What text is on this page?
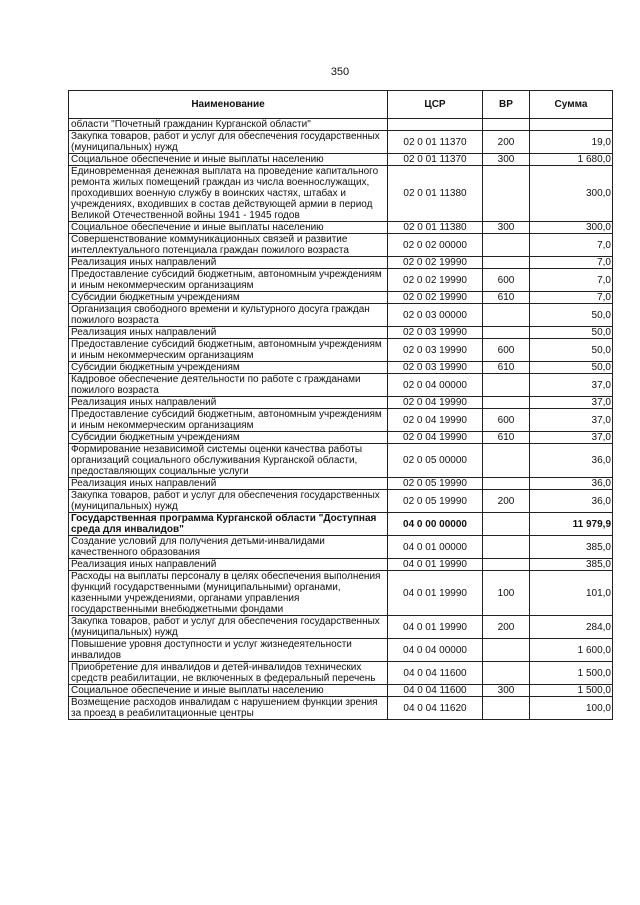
350
Наименование	ЦСР	ВР	Сумма
области "Почетный гражданин Курганской области"			
Закупка товаров, работ и услуг для обеспечения государственных (муниципальных) нужд	02 0 01 11370	200	19,0
Социальное обеспечение и иные выплаты населению	02 0 01 11370	300	1 680,0
Единовременная денежная выплата на проведение капитального ремонта жилых помещений граждан из числа военнослужащих, проходивших военную службу в воинских частях, штабах и учреждениях, входивших в состав действующей армии в период Великой Отечественной войны 1941 - 1945 годов	02 0 01 11380		300,0
Социальное обеспечение и иные выплаты населению	02 0 01 11380	300	300,0
Совершенствование коммуникационных связей и развитие интеллектуального потенциала граждан пожилого возраста	02 0 02 00000		7,0
Реализация иных направлений	02 0 02 19990		7,0
Предоставление субсидий бюджетным, автономным учреждениям и иным некоммерческим организациям	02 0 02 19990	600	7,0
Субсидии бюджетным учреждениям	02 0 02 19990	610	7,0
Организация свободного времени и культурного досуга граждан пожилого возраста	02 0 03 00000		50,0
Реализация иных направлений	02 0 03 19990		50,0
Предоставление субсидий бюджетным, автономным учреждениям и иным некоммерческим организациям	02 0 03 19990	600	50,0
Субсидии бюджетным учреждениям	02 0 03 19990	610	50,0
Кадровое обеспечение деятельности по работе с гражданами пожилого возраста	02 0 04 00000		37,0
Реализация иных направлений	02 0 04 19990		37,0
Предоставление субсидий бюджетным, автономным учреждениям и иным некоммерческим организациям	02 0 04 19990	600	37,0
Субсидии бюджетным учреждениям	02 0 04 19990	610	37,0
Формирование независимой системы оценки качества работы организаций социального обслуживания Курганской области, предоставляющих социальные услуги	02 0 05 00000		36,0
Реализация иных направлений	02 0 05 19990		36,0
Закупка товаров, работ и услуг для обеспечения государственных (муниципальных) нужд	02 0 05 19990	200	36,0
Государственная программа Курганской области "Доступная среда для инвалидов"	04 0 00 00000		11 979,9
Создание условий для получения детьми-инвалидами качественного образования	04 0 01 00000		385,0
Реализация иных направлений	04 0 01 19990		385,0
Расходы на выплаты персоналу в целях обеспечения выполнения функций государственными (муниципальными) органами, казенными учреждениями, органами управления государственными внебюджетными фондами	04 0 01 19990	100	101,0
Закупка товаров, работ и услуг для обеспечения государственных (муниципальных) нужд	04 0 01 19990	200	284,0
Повышение уровня доступности и услуг жизнедеятельности инвалидов	04 0 04 00000		1 600,0
Приобретение для инвалидов и детей-инвалидов технических средств реабилитации, не включенных в федеральный перечень	04 0 04 11600		1 500,0
Социальное обеспечение и иные выплаты населению	04 0 04 11600	300	1 500,0
Возмещение расходов инвалидам с нарушением функции зрения за проезд в реабилитационные центры	04 0 04 11620		100,0
